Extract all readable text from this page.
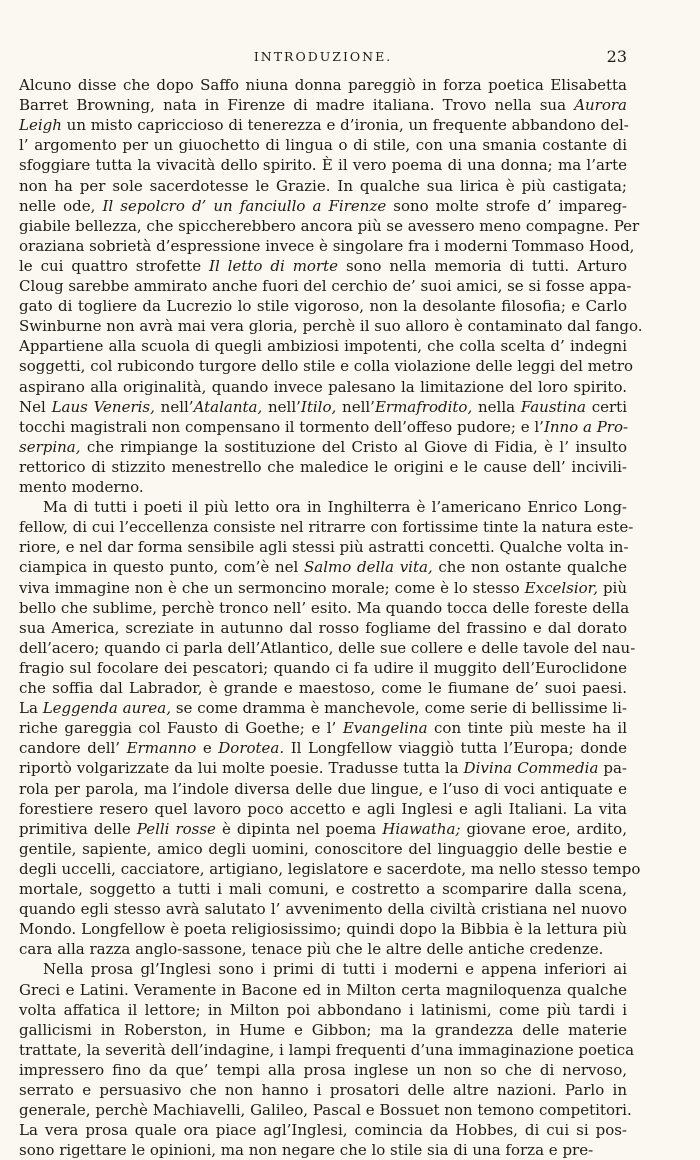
INTRODUZIONE.	23
Alcuno disse che dopo Saffo niuna donna pareggiò in forza poetica Elisabetta
Barret Browning, nata in Firenze di madre italiana. Trovo nella sua Aurora
Leigh un misto capriccioso di tenerezza e d’ironia, un frequente abbandono del-
l’ argomento per un giuochetto di lingua o di stile, con una smania costante di
sfoggiare tutta la vivacità dello spirito. È il vero poema di una donna; ma l’arte
non ha per sole sacerdotesse le Grazie. In qualche sua lirica è più castigata;
nelle ode, Il sepolcro d’ un fanciullo a Firenze sono molte strofe d’ impareg-
giabile bellezza, che spiccherebbero ancora più se avessero meno compagne. Per
oraziana sobrietà d’espressione invece è singolare fra i moderni Tommaso Hood,
le cui quattro strofette Il letto di morte sono nella memoria di tutti. Arturo
Cloug sarebbe ammirato anche fuori del cerchio de’ suoi amici, se si fosse appa-
gato di togliere da Lucrezio lo stile vigoroso, non la desolante filosofia; e Carlo
Swinburne non avrà mai vera gloria, perchè il suo alloro è contaminato dal fango.
Appartiene alla scuola di quegli ambiziosi impotenti, che colla scelta d’ indegni
soggetti, col rubicondo turgore dello stile e colla violazione delle leggi del metro
aspirano alla originalità, quando invece palesano la limitazione del loro spirito.
Nel Laus Veneris, nell’Atalanta, nell’Itilo, nell’Ermafrodito, nella Faustina certi
tocchi magistrali non compensano il tormento dell’offeso pudore; e l’Inno a Pro-
serpina, che rimpiange la sostituzione del Cristo al Giove di Fidia, è l’ insulto
rettorico di stizzito menestrello che maledice le origini e le cause dell’ incivili-
mento moderno.
Ma di tutti i poeti il più letto ora in Inghilterra è l’americano Enrico Long-
fellow, di cui l’eccellenza consiste nel ritrarre con fortissime tinte la natura este-
riore, e nel dar forma sensibile agli stessi più astratti concetti. Qualche volta in-
ciampica in questo punto, com’è nel Salmo della vita, che non ostante qualche
viva immagine non è che un sermoncino morale; come è lo stesso Excelsior, più
bello che sublime, perchè tronco nell’ esito. Ma quando tocca delle foreste della
sua America, screziate in autunno dal rosso fogliame del frassino e dal dorato
dell’acero; quando ci parla dell’Atlantico, delle sue collere e delle tavole del nau-
fragio sul focolare dei pescatori; quando ci fa udire il muggito dell’Euroclidone
che soffia dal Labrador, è grande e maestoso, come le fiumane de’ suoi paesi.
La Leggenda aurea, se come dramma è manchevole, come serie di bellissime li-
riche gareggia col Fausto di Goethe; e l’ Evangelina con tinte più meste ha il
candore dell’ Ermanno e Dorotea. Il Longfellow viaggiò tutta l’Europa; donde
riportò volgarizzate da lui molte poesie. Tradusse tutta la Divina Commedia pa-
rola per parola, ma l’indole diversa delle due lingue, e l’uso di voci antiquate e
forestiere resero quel lavoro poco accetto e agli Inglesi e agli Italiani. La vita
primitiva delle Pelli rosse è dipinta nel poema Hiawatha; giovane eroe, ardito,
gentile, sapiente, amico degli uomini, conoscitore del linguaggio delle bestie e
degli uccelli, cacciatore, artigiano, legislatore e sacerdote, ma nello stesso tempo
mortale, soggetto a tutti i mali comuni, e costretto a scomparire dalla scena,
quando egli stesso avrà salutato l’ avvenimento della civiltà cristiana nel nuovo
Mondo. Longfellow è poeta religiosissimo; quindi dopo la Bibbia è la lettura più
cara alla razza anglo-sassone, tenace più che le altre delle antiche credenze.
Nella prosa gl’Inglesi sono i primi di tutti i moderni e appena inferiori ai
Greci e Latini. Veramente in Bacone ed in Milton certa magniloquenza qualche
volta affatica il lettore; in Milton poi abbondano i latinismi, come più tardi i
gallicismi in Roberston, in Hume e Gibbon; ma la grandezza delle materie
trattate, la severità dell’indagine, i lampi frequenti d’una immaginazione poetica
impressero fino da que’ tempi alla prosa inglese un non so che di nervoso,
serrato e persuasivo che non hanno i prosatori delle altre nazioni. Parlo in
generale, perchè Machiavelli, Galileo, Pascal e Bossuet non temono competitori.
La vera prosa quale ora piace agl’Inglesi, comincia da Hobbes, di cui si pos-
sono rigettare le opinioni, ma non negare che lo stile sia di una forza e pre-
